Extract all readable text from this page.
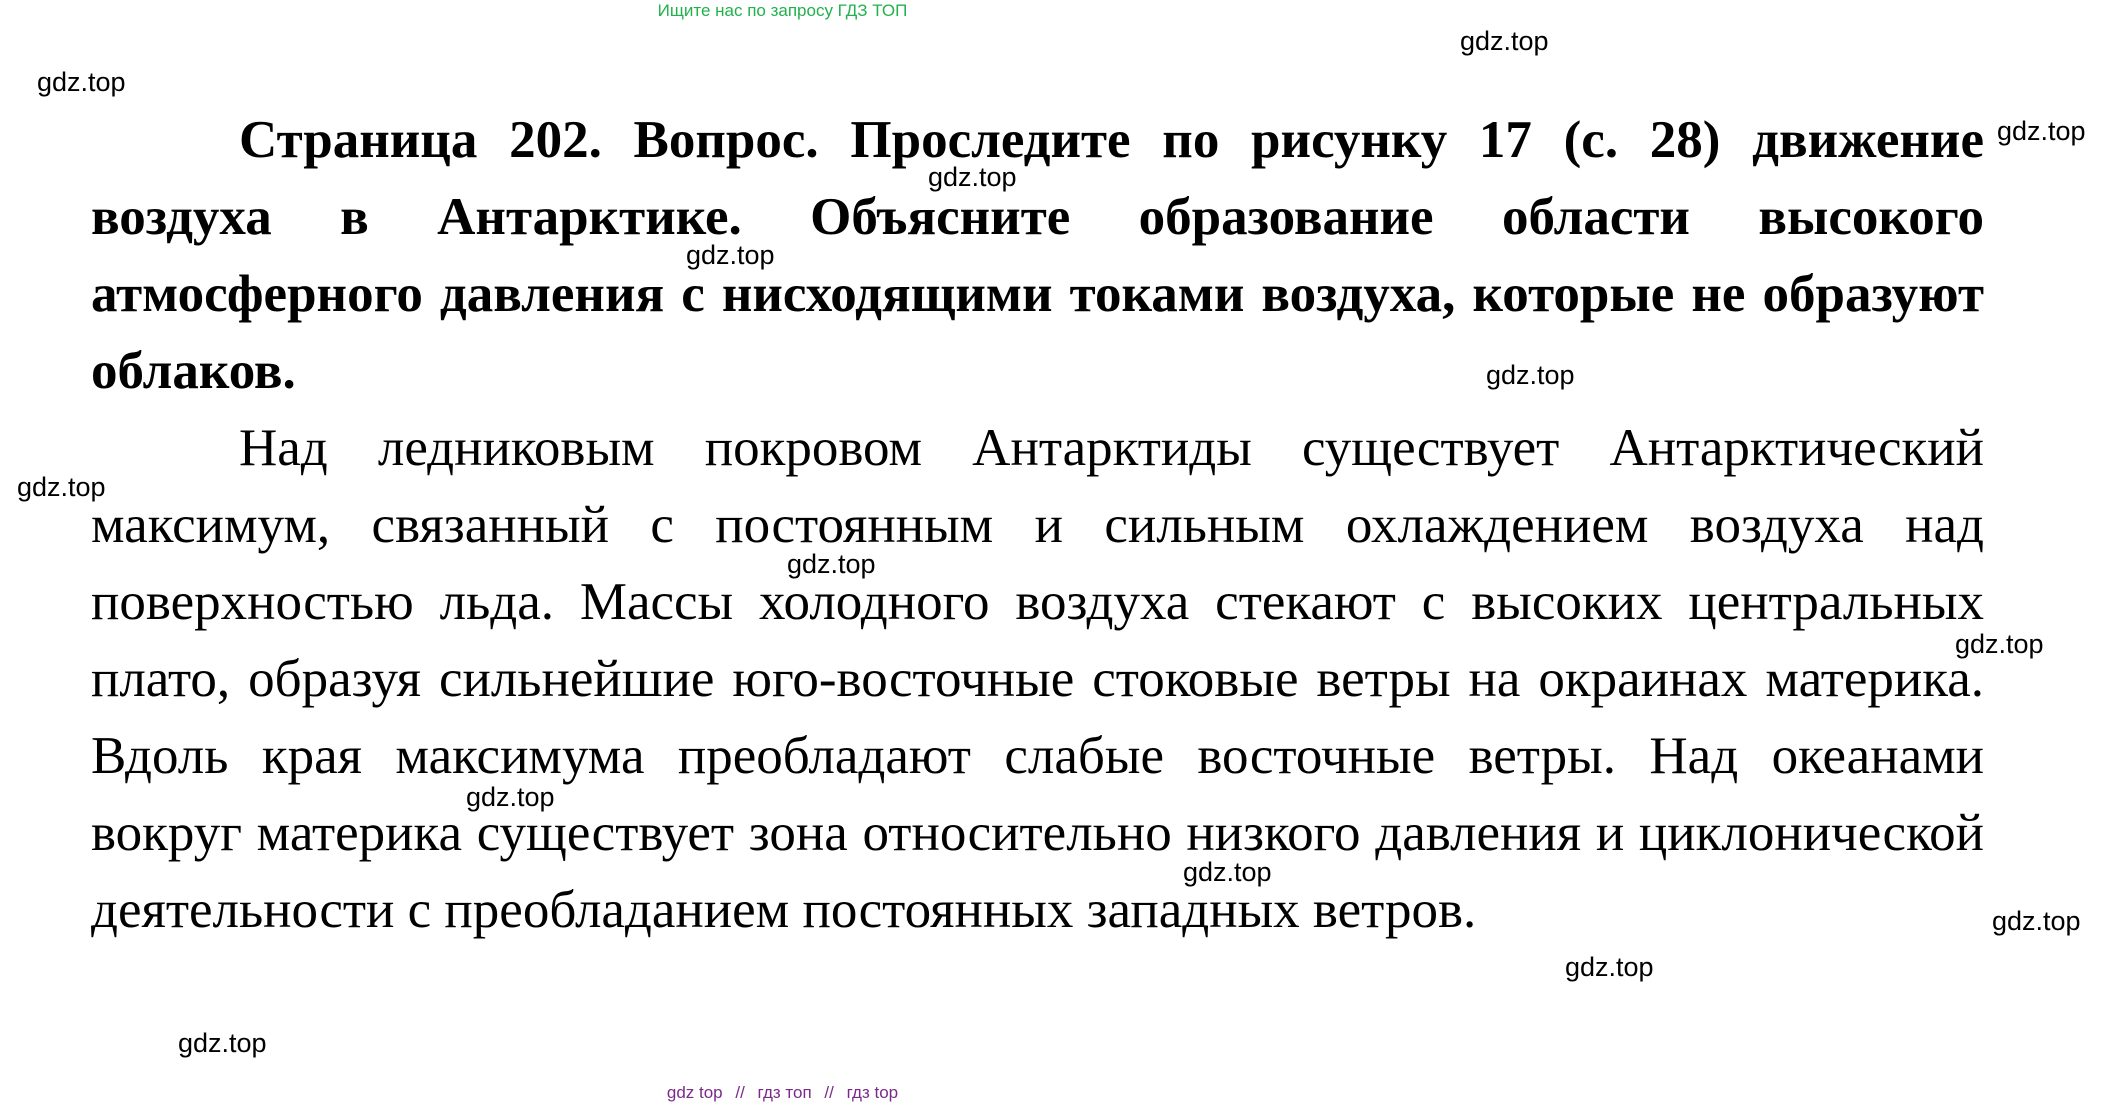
Ищите нас по запросу ГДЗ ТОП

Страница 202. Вопрос. Проследите по рисунку 17 (с. 28) движение воздуха в Антарктике. Объясните образование области высокого атмосферного давления с нисходящими токами воздуха, которые не образуют облаков.

Над ледниковым покровом Антарктиды существует Антарктический максимум, связанный с постоянным и сильным охлаждением воздуха над поверхностью льда. Массы холодного воздуха стекают с высоких центральных плато, образуя сильнейшие юго-восточные стоковые ветры на окраинах материка. Вдоль края максимума преобладают слабые восточные ветры. Над океанами вокруг материка существует зона относительно низкого давления и циклонической деятельности с преобладанием постоянных западных ветров.

gdz.top
gdz.top
gdz.top
gdz.top
gdz.top
gdz.top
gdz.top
gdz.top
gdz.top
gdz.top
gdz.top
gdz.top
gdz.top
gdz.top
gdz top // гдз топ // гдз top
